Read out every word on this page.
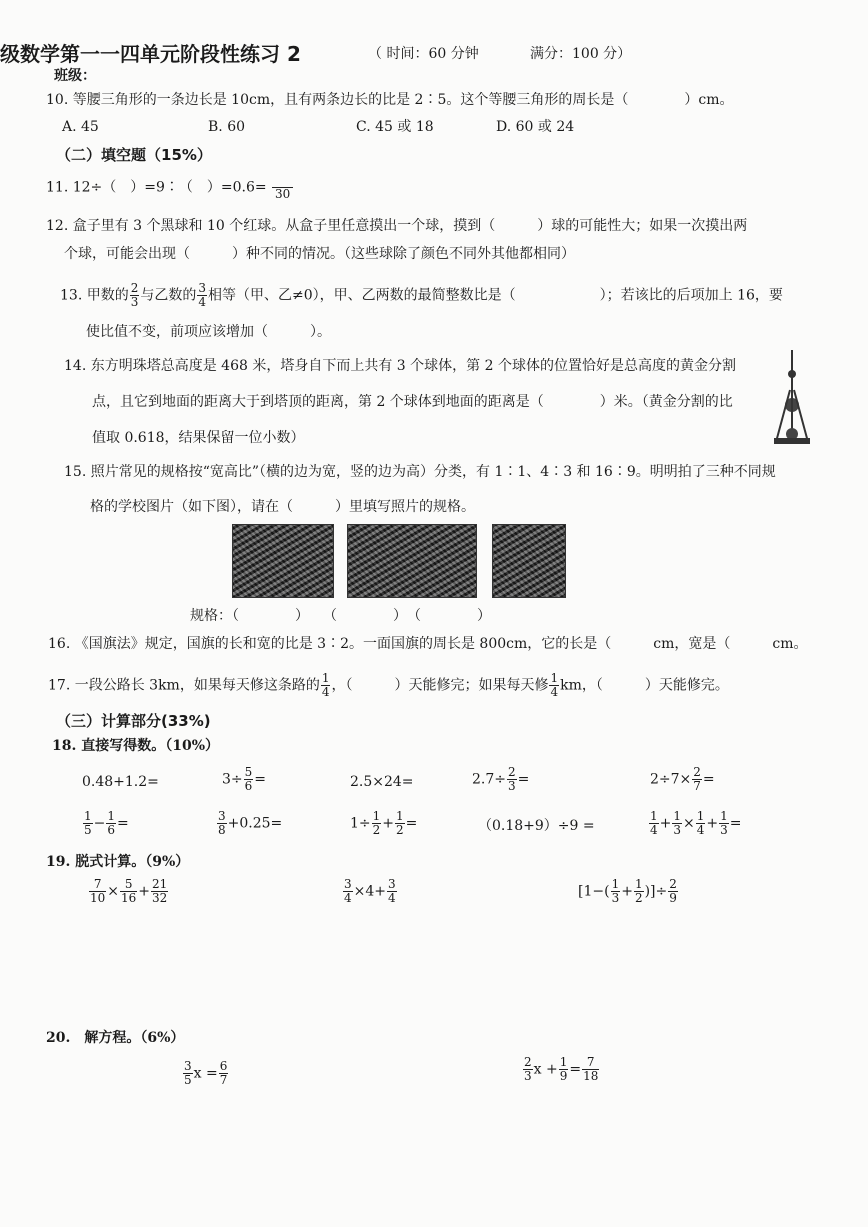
级数学第一一四单元阶段性练习 2	（ 时间：60 分钟	满分：100 分）
班级：
10. 等腰三角形的一条边长是 10cm，且有两条边长的比是 2∶5。这个等腰三角形的周长是（　　　　）cm。
A. 45	B. 60	C. 45 或 18	D. 60 或 24
（二）填空题（15%）
11. 12÷（　）=9∶（　）=0.6=
30
12. 盒子里有 3 个黑球和 10 个红球。从盒子里任意摸出一个球，摸到（　　　）球的可能性大；如果一次摸出两
个球，可能会出现（　　　）种不同的情况。（这些球除了颜色不同外其他都相同）
13. 甲数的 $\frac{2}{3}$ 与乙数的 $\frac{3}{4}$ 相等（甲、乙≠0），甲、乙两数的最简整数比是（　　　　　　）；若该比的后项加上 16，要
使比值不变，前项应该增加（　　　）。
14. 东方明珠塔总高度是 468 米，塔身自下而上共有 3 个球体，第 2 个球体的位置恰好是总高度的黄金分割
点，且它到地面的距离大于到塔顶的距离，第 2 个球体到地面的距离是（　　　　）米。（黄金分割的比
值取 0.618，结果保留一位小数）
15. 照片常见的规格按“宽高比”（横的边为宽，竖的边为高）分类，有 1∶1、4∶3 和 16∶9。明明拍了三种不同规
格的学校图片（如下图），请在（　　　）里填写照片的规格。
规格：（　　　　）　　（　　　　）　（　　　　）
16. 《国旗法》规定，国旗的长和宽的比是 3∶2。一面国旗的周长是 800cm，它的长是（　　　cm，宽是（　　　cm。
17. 一段公路长 3km，如果每天修这条路的 $\frac{1}{4}$ ，（　　　）天能修完；如果每天修 $\frac{1}{4}$ km，（　　　）天能修完。
（三）计算部分(33%)
18. 直接写得数。（10%）
0.48+1.2=	$3\div \frac{5}{6}$ =	2.5×24=	$2.7\div \frac{2}{3}$ =	$2\div 7\times \frac{2}{7}$ =
$\frac{1}{5} - \frac{1}{6}$ =	$\frac{3}{8} +0.25=$	$1\div \frac{1}{2} + \frac{1}{2}$ =	（0.18+9）÷9 =	$\frac{1}{4} + \frac{1}{3} \times \frac{1}{4} + \frac{1}{3}$ =
19. 脱式计算。（9%）
$\frac{7}{10} \times \frac{5}{16} + \frac{21}{32}$	$\frac{3}{4} \times 4+ \frac{3}{4}$	[$1-( \frac{1}{3} + \frac{1}{2}$ )]÷ $\frac{2}{9}$
20.　解方程。（6%）
$\frac{3}{5}$ $x = \frac{6}{7}$	$\frac{2}{3}$ $x + \frac{1}{9} = \frac{7}{18}$
